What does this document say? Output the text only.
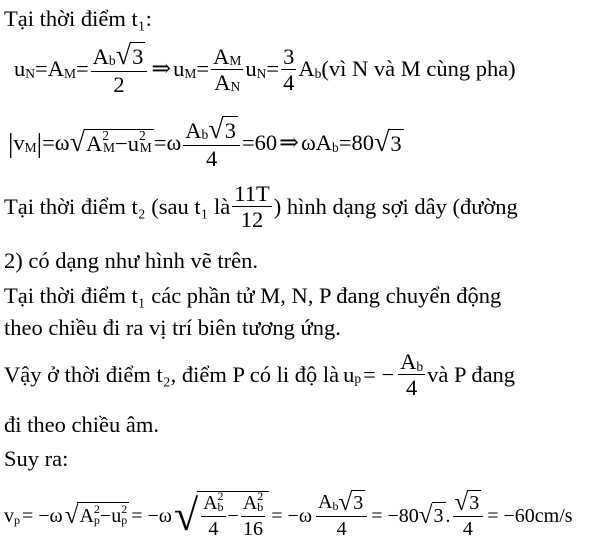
Tại thời điểm t₁:
u N = A $M = \frac{\text{A b √ 3}}{2}$ ⇒ u $M = \frac{\text{A M}}{\text{A N}}$ u $N = \frac{3}{4}$ A b (vì N và M cùng pha)
| v M | = ω √ A 2
M − u 2
M = ω $\frac{\text{A b √ 3}}{4} = 60$ ⇒ ωA b = 80 √ 3
Tại thời điểm t₂ (sau t₁ là $\frac{11T}{12}$ ) hình dạng sợi dây (đường
2) có dạng như hình vẽ trên.
Tại thời điểm t₁ các phần tử M, N, P đang chuyển động
theo chiều đi ra vị trí biên tương ứng.
Vậy ở thời điểm t₂, điểm P có li độ là u p = − $\frac{\text{A b}}{4}$ và P đang
đi theo chiều âm.
Suy ra:
v p = −ω √ A 2
p − u 2
p = −ω √ A 2
b
4 − A 2
b
$16 = -\omega \frac{\text{A b √ 3}}{4} = -80$ √ 3 . $\frac{√ 3}{4} = -60cm/s$
